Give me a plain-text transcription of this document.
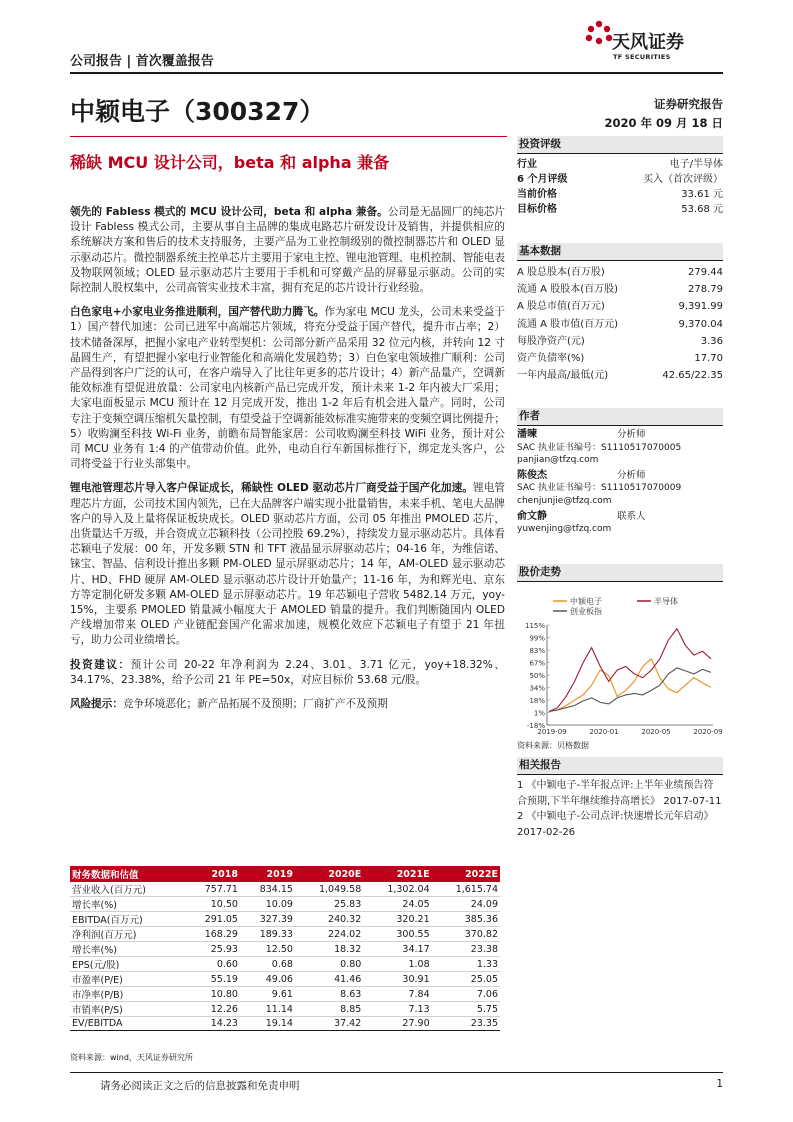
公司报告 | 首次覆盖报告
天风证券
TF SECURITIES
中颖电子（300327）	证券研究报告
2020 年 09 月 18 日
稀缺 MCU 设计公司，beta 和 alpha 兼备

领先的 Fabless 模式的 MCU 设计公司，beta 和 alpha 兼备。公司是无晶圆厂的纯芯片设计 Fabless 模式公司，主要从事自主品牌的集成电路芯片研发设计及销售，并提供相应的系统解决方案和售后的技术支持服务，主要产品为工业控制级别的微控制器芯片和 OLED 显示驱动芯片。微控制器系统主控单芯片主要用于家电主控、锂电池管理、电机控制、智能电表及物联网领域；OLED 显示驱动芯片主要用于手机和可穿戴产品的屏幕显示驱动。公司的实际控制人股权集中，公司高管实业技术丰富，拥有充足的芯片设计行业经验。

白色家电+小家电业务推进顺利，国产替代助力腾飞。作为家电 MCU 龙头，公司未来受益于 1）国产替代加速：公司已进军中高端芯片领域，将充分受益于国产替代，提升市占率；2）技术储备深厚，把握小家电产业转型契机：公司部分新产品采用 32 位元内核，并转向 12 寸晶圆生产，有望把握小家电行业智能化和高端化发展趋势；3）白色家电领域推广顺利：公司产品得到客户广泛的认可，在客户端导入了比往年更多的芯片设计；4）新产品量产，空调新能效标准有望促进放量：公司家电内核新产品已完成开发，预计未来 1-2 年内被大厂采用；大家电面板显示 MCU 预计在 12 月完成开发，推出 1-2 年后有机会进入量产。同时，公司专注于变频空调压缩机矢量控制，有望受益于空调新能效标准实施带来的变频空调比例提升；5）收购澜至科技 Wi-Fi 业务，前瞻布局智能家居：公司收购澜至科技 WiFi 业务，预计对公司 MCU 业务有 1:4 的产值带动价值。此外，电动自行车新国标推行下，绑定龙头客户，公司将受益于行业头部集中。

锂电池管理芯片导入客户保证成长，稀缺性 OLED 驱动芯片厂商受益于国产化加速。锂电管理芯片方面，公司技术国内领先，已在大品牌客户端实现小批量销售，未来手机、笔电大品牌客户的导入及上量将保证板块成长。OLED 驱动芯片方面，公司 05 年推出 PMOLED 芯片，出货量达千万级，并合资成立芯颖科技（公司控股 69.2%），持续发力显示驱动芯片。具体看芯颖电子发展：00 年，开发多颗 STN 和 TFT 液晶显示屏驱动芯片；04-16 年，为维信诺、铼宝、智晶、信利设计推出多颗 PM-OLED 显示屏驱动芯片；14 年，AM-OLED 显示驱动芯片、HD、FHD 硬屏 AM-OLED 显示驱动芯片设计开始量产；11-16 年，为和辉光电、京东方等定制化研发多颗 AM-OLED 显示屏驱动芯片。19 年芯颖电子营收 5482.14 万元，yoy-15%，主要系 PMOLED 销量减小幅度大于 AMOLED 销量的提升。我们判断随国内 OLED 产线增加带来 OLED 产业链配套国产化需求加速，规模化效应下芯颖电子有望于 21 年扭亏，助力公司业绩增长。

投资建议：预计公司 20-22 年净利润为 2.24、3.01、3.71 亿元，yoy+18.32%、34.17%、23.38%，给予公司 21 年 PE=50x，对应目标价 53.68 元/股。

风险提示：竞争环境恶化；新产品拓展不及预期；厂商扩产不及预期

投资评级
行业	电子/半导体
6 个月评级	买入（首次评级）
当前价格	33.61 元
目标价格	53.68 元
基本数据
A 股总股本(百万股)	279.44
流通 A 股股本(百万股)	278.79
A 股总市值(百万元)	9,391.99
流通 A 股市值(百万元)	9,370.04
每股净资产(元)	3.36
资产负债率(%)	17.70
一年内最高/最低(元)	42.65/22.35
作者
潘暕	分析师
SAC 执业证书编号：S1110517070005
panjian@tfzq.com
陈俊杰	分析师
SAC 执业证书编号：S1110517070009
chenjunjie@tfzq.com
俞文静	联系人
yuwenjing@tfzq.com
股价走势
中颖电子	半导体
创业板指
115%
99%
83%
67%
50%
34%
18%
1%
-18%
2019-09	2020-01	2020-05	2020-09
资料来源：贝格数据
相关报告
1 《中颖电子-半年报点评:上半年业绩预告符合预期,下半年继续维持高增长》 2017-07-11
2 《中颖电子-公司点评:快速增长元年启动》 2017-02-26
财务数据和估值	2018	2019	2020E	2021E	2022E
营业收入(百万元)	757.71	834.15	1,049.58	1,302.04	1,615.74
增长率(%)	10.50	10.09	25.83	24.05	24.09
EBITDA(百万元)	291.05	327.39	240.32	320.21	385.36
净利润(百万元)	168.29	189.33	224.02	300.55	370.82
增长率(%)	25.93	12.50	18.32	34.17	23.38
EPS(元/股)	0.60	0.68	0.80	1.08	1.33
市盈率(P/E)	55.19	49.06	41.46	30.91	25.05
市净率(P/B)	10.80	9.61	8.63	7.84	7.06
市销率(P/S)	12.26	11.14	8.85	7.13	5.75
EV/EBITDA	14.23	19.14	37.42	27.90	23.35
资料来源：wind，天风证券研究所
请务必阅读正文之后的信息披露和免责申明	1
